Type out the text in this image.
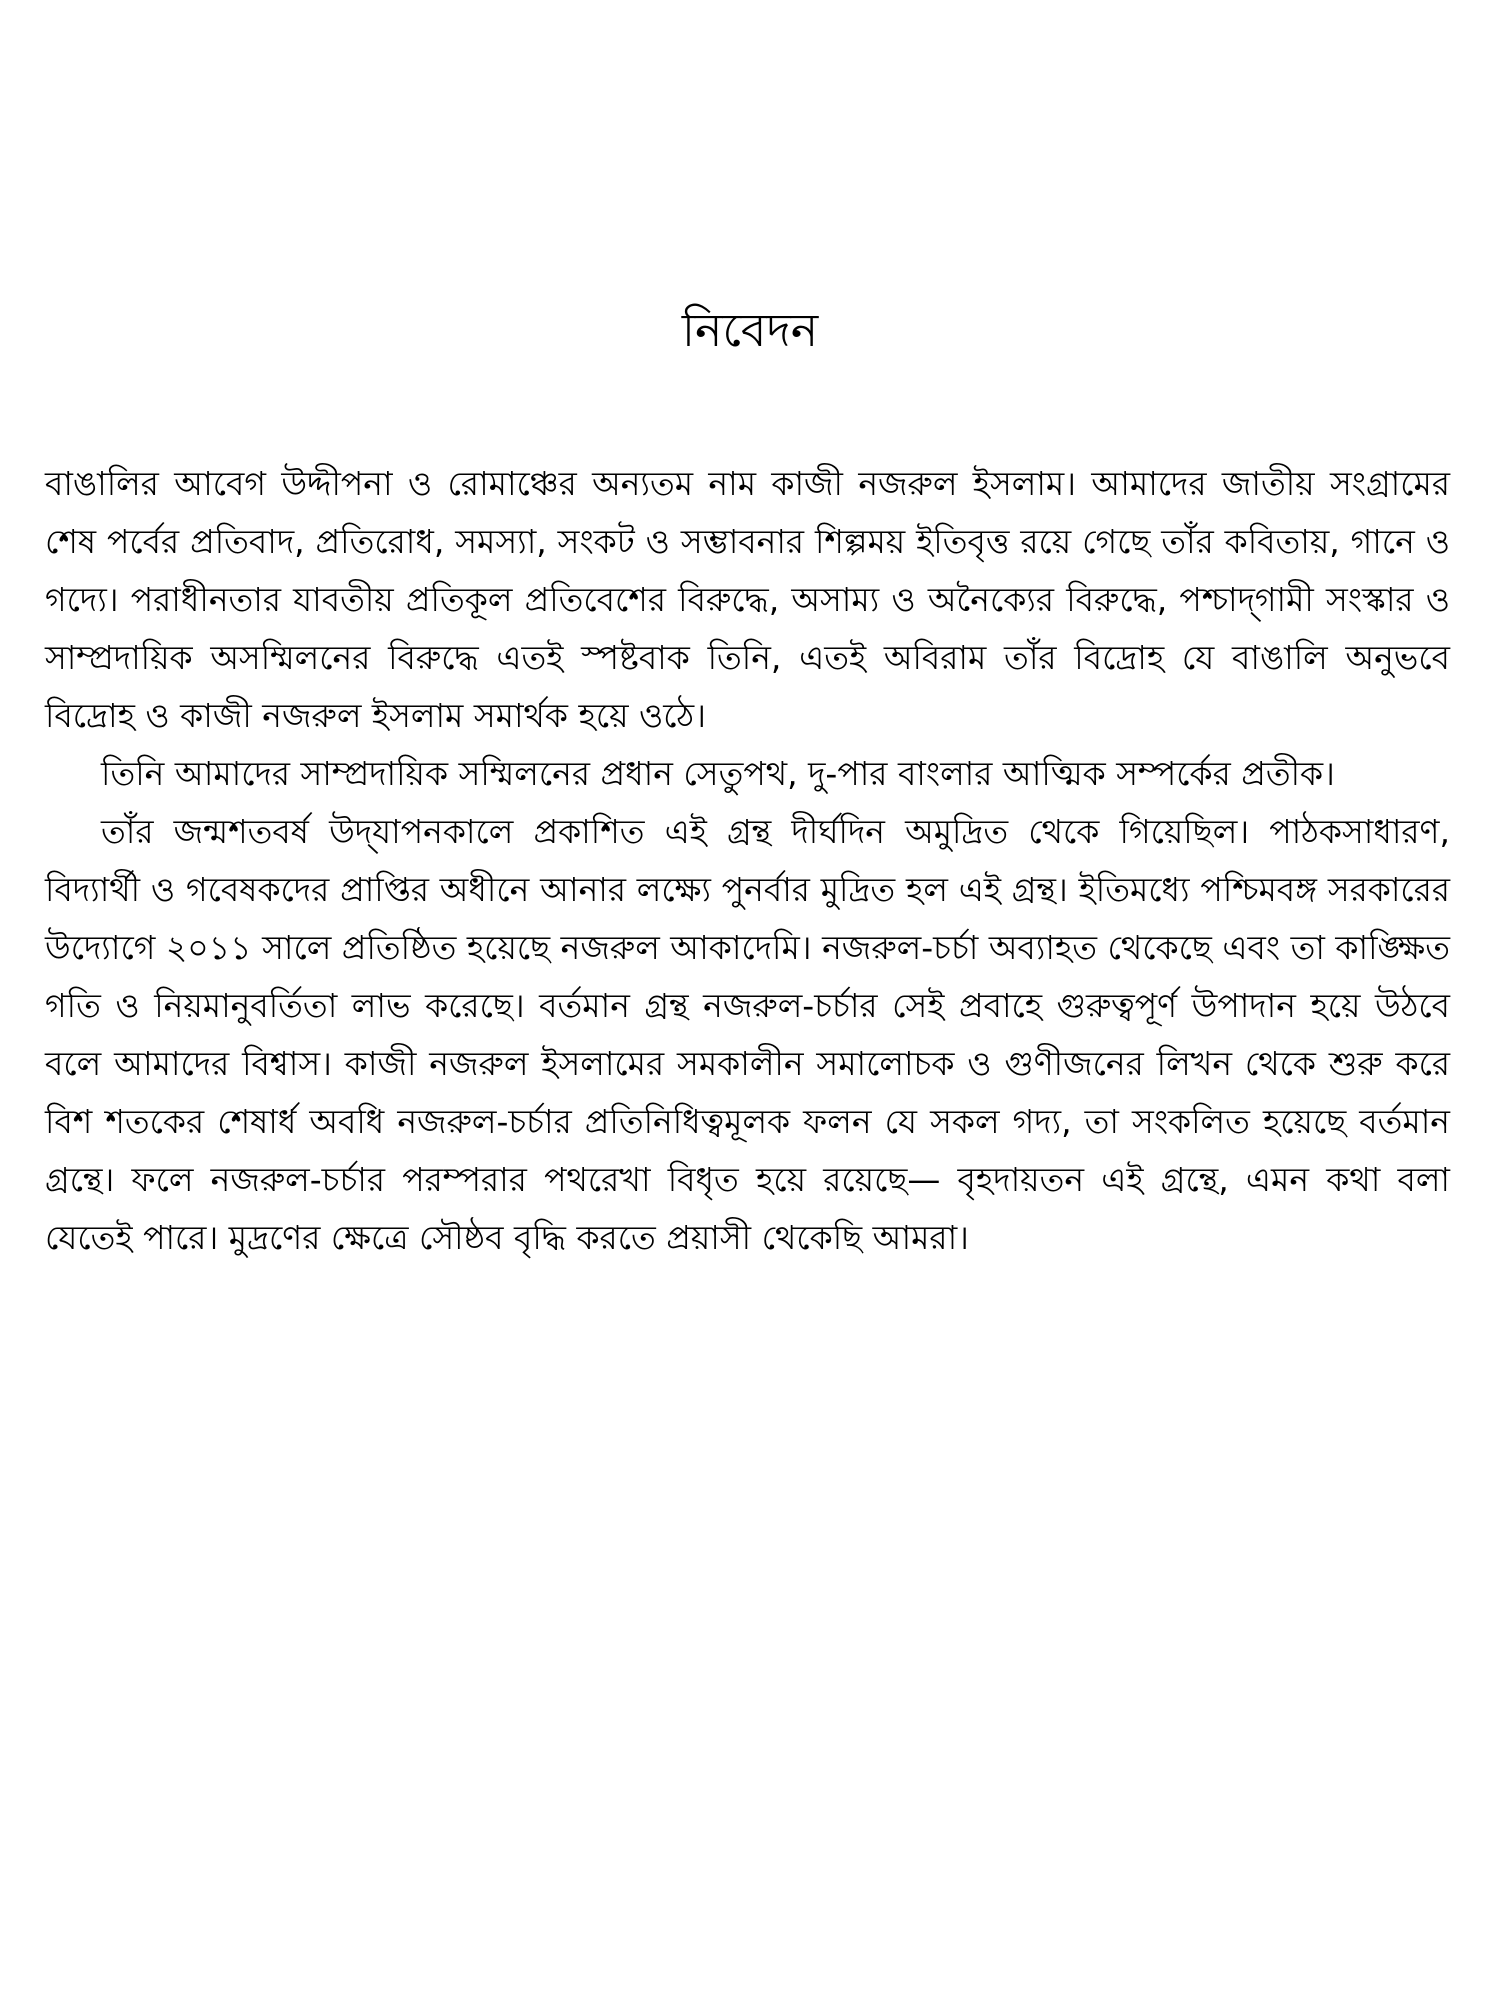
নিবেদন

বাঙালির আবেগ উদ্দীপনা ও রোমাঞ্চের অন্যতম নাম কাজী নজরুল ইসলাম। আমাদের জাতীয় সংগ্রামের শেষ পর্বের প্রতিবাদ, প্রতিরোধ, সমস্যা, সংকট ও সম্ভাবনার শিল্পময় ইতিবৃত্ত রয়ে গেছে তাঁর কবিতায়, গানে ও গদ্যে। পরাধীনতার যাবতীয় প্রতিকূল প্রতিবেশের বিরুদ্ধে, অসাম্য ও অনৈক্যের বিরুদ্ধে, পশ্চাদ্‌গামী সংস্কার ও সাম্প্রদায়িক অসম্মিলনের বিরুদ্ধে এতই স্পষ্টবাক তিনি, এতই অবিরাম তাঁর বিদ্রোহ যে বাঙালি অনুভবে বিদ্রোহ ও কাজী নজরুল ইসলাম সমার্থক হয়ে ওঠে।

তিনি আমাদের সাম্প্রদায়িক সম্মিলনের প্রধান সেতুপথ, দু-পার বাংলার আত্মিক সম্পর্কের প্রতীক।

তাঁর জন্মশতবর্ষ উদ্‌যাপনকালে প্রকাশিত এই গ্রন্থ দীর্ঘদিন অমুদ্রিত থেকে গিয়েছিল। পাঠকসাধারণ, বিদ্যার্থী ও গবেষকদের প্রাপ্তির অধীনে আনার লক্ষ্যে পুনর্বার মুদ্রিত হল এই গ্রন্থ। ইতিমধ্যে পশ্চিমবঙ্গ সরকারের উদ্যোগে ২০১১ সালে প্রতিষ্ঠিত হয়েছে নজরুল আকাদেমি। নজরুল-চর্চা অব্যাহত থেকেছে এবং তা কাঙ্ক্ষিত গতি ও নিয়মানুবর্তিতা লাভ করেছে। বর্তমান গ্রন্থ নজরুল-চর্চার সেই প্রবাহে গুরুত্বপূর্ণ উপাদান হয়ে উঠবে বলে আমাদের বিশ্বাস। কাজী নজরুল ইসলামের সমকালীন সমালোচক ও গুণীজনের লিখন থেকে শুরু করে বিশ শতকের শেষার্ধ অবধি নজরুল-চর্চার প্রতিনিধিত্বমূলক ফলন যে সকল গদ্য, তা সংকলিত হয়েছে বর্তমান গ্রন্থে। ফলে নজরুল-চর্চার পরম্পরার পথরেখা বিধৃত হয়ে রয়েছে— বৃহদায়তন এই গ্রন্থে, এমন কথা বলা যেতেই পারে। মুদ্রণের ক্ষেত্রে সৌষ্ঠব বৃদ্ধি করতে প্রয়াসী থেকেছি আমরা।
